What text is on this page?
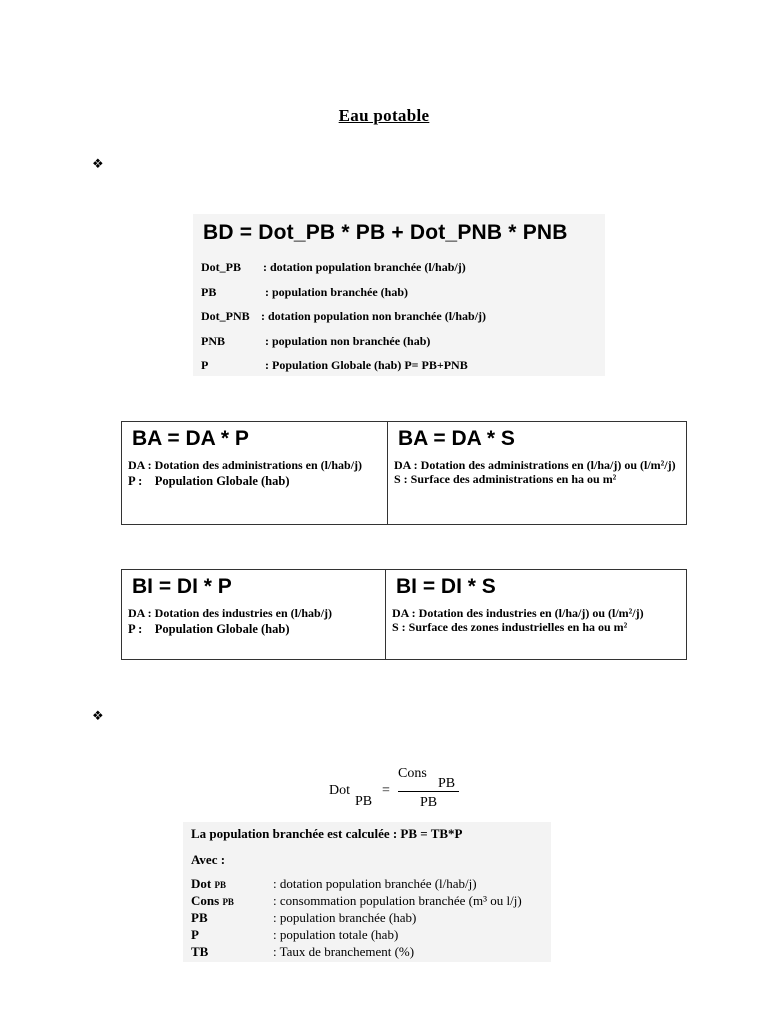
Eau potable
❖
BD = Dot_PB * PB + Dot_PNB * PNB
Dot_PB : dotation population branchée (l/hab/j)
PB	: population branchée (hab)
Dot_PNB : dotation population non branchée (l/hab/j)
PNB	: population non branchée (hab)
P	: Population Globale (hab) P= PB+PNB
BA = DA * P
DA : Dotation des administrations en (l/hab/j)
P :    Population Globale (hab)

BA = DA * S
DA : Dotation des administrations en (l/ha/j) ou (l/m²/j)
S : Surface des administrations en ha ou m²
BI = DI * P
DA : Dotation des industries en (l/hab/j)
P :    Population Globale (hab)

BI = DI * S
DA : Dotation des industries en (l/ha/j) ou (l/m²/j)
S : Surface des zones industrielles en ha ou m²
❖
Dot
PB
=
Cons
PB
PB
La population branchée est calculée : PB = TB*P
Avec :
Dot PB	: dotation population branchée (l/hab/j)
Cons PB	: consommation population branchée (m³ ou l/j)
PB	: population branchée (hab)
P	: population totale (hab)
TB	: Taux de branchement (%)
